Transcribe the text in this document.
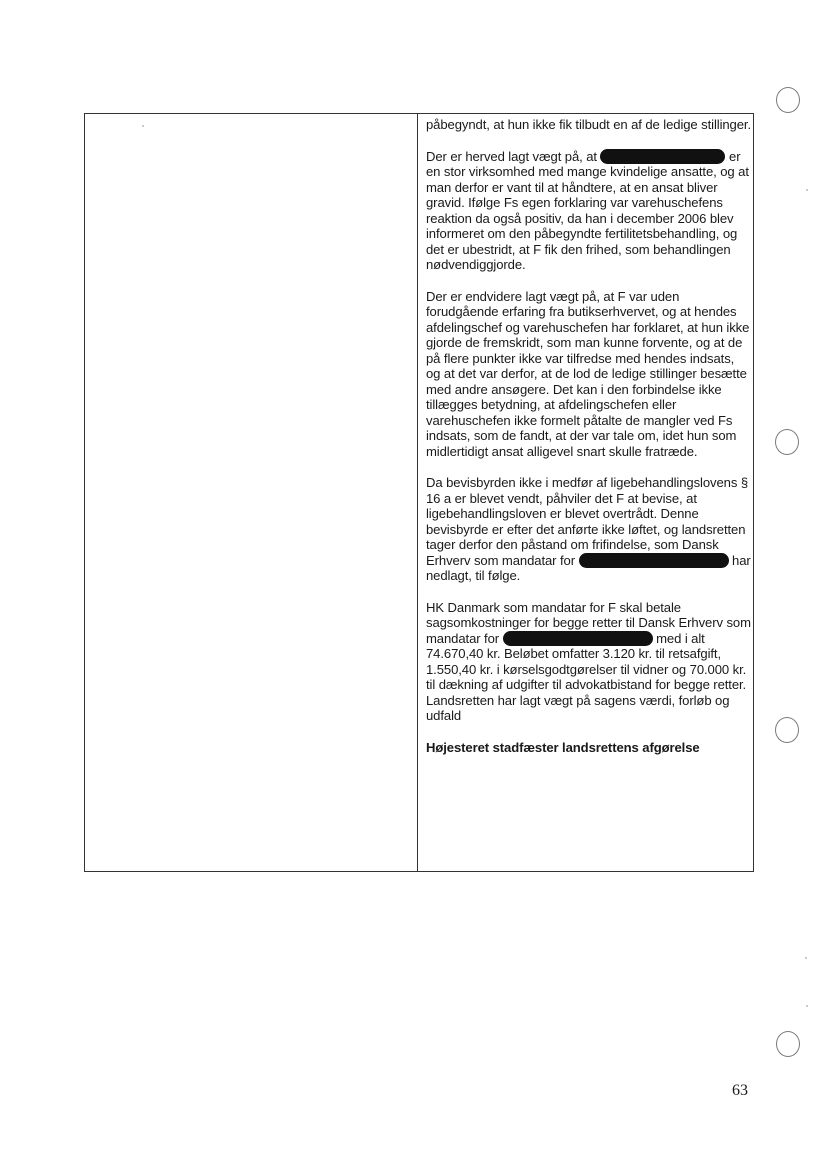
påbegyndt, at hun ikke fik tilbudt en af de ledige stillinger.

Der er herved lagt vægt på, at	er en stor virksomhed med mange kvindelige ansatte, og at man derfor er vant til at håndtere, at en ansat bliver gravid. Ifølge Fs egen forklaring var varehuschefens reaktion da også positiv, da han i december 2006 blev informeret om den påbegyndte fertilitetsbehandling, og det er ubestridt, at F fik den frihed, som behandlingen nødvendiggjorde.

Der er endvidere lagt vægt på, at F var uden forudgående erfaring fra butikserhvervet, og at hendes afdelingschef og varehuschefen har forklaret, at hun ikke gjorde de fremskridt, som man kunne forvente, og at de på flere punkter ikke var tilfredse med hendes indsats, og at det var derfor, at de lod de ledige stillinger besætte med andre ansøgere. Det kan i den forbindelse ikke tillægges betydning, at afdelingschefen eller varehuschefen ikke formelt påtalte de mangler ved Fs indsats, som de fandt, at der var tale om, idet hun som midlertidigt ansat alligevel snart skulle fratræde.

Da bevisbyrden ikke i medfør af ligebehandlingslovens § 16 a er blevet vendt, påhviler det F at bevise, at ligebehandlingsloven er blevet overtrådt. Denne bevisbyrde er efter det anførte ikke løftet, og landsretten tager derfor den påstand om frifindelse, som Dansk Erhverv som mandatar for	har nedlagt, til følge.

HK Danmark som mandatar for F skal betale sagsomkostninger for begge retter til Dansk Erhverv som mandatar for	med i alt 74.670,40 kr. Beløbet omfatter 3.120 kr. til retsafgift, 1.550,40 kr. i kørselsgodtgørelser til vidner og 70.000 kr. til dækning af udgifter til advokatbistand for begge retter. Landsretten har lagt vægt på sagens værdi, forløb og udfald

Højesteret stadfæster landsrettens afgørelse
63
